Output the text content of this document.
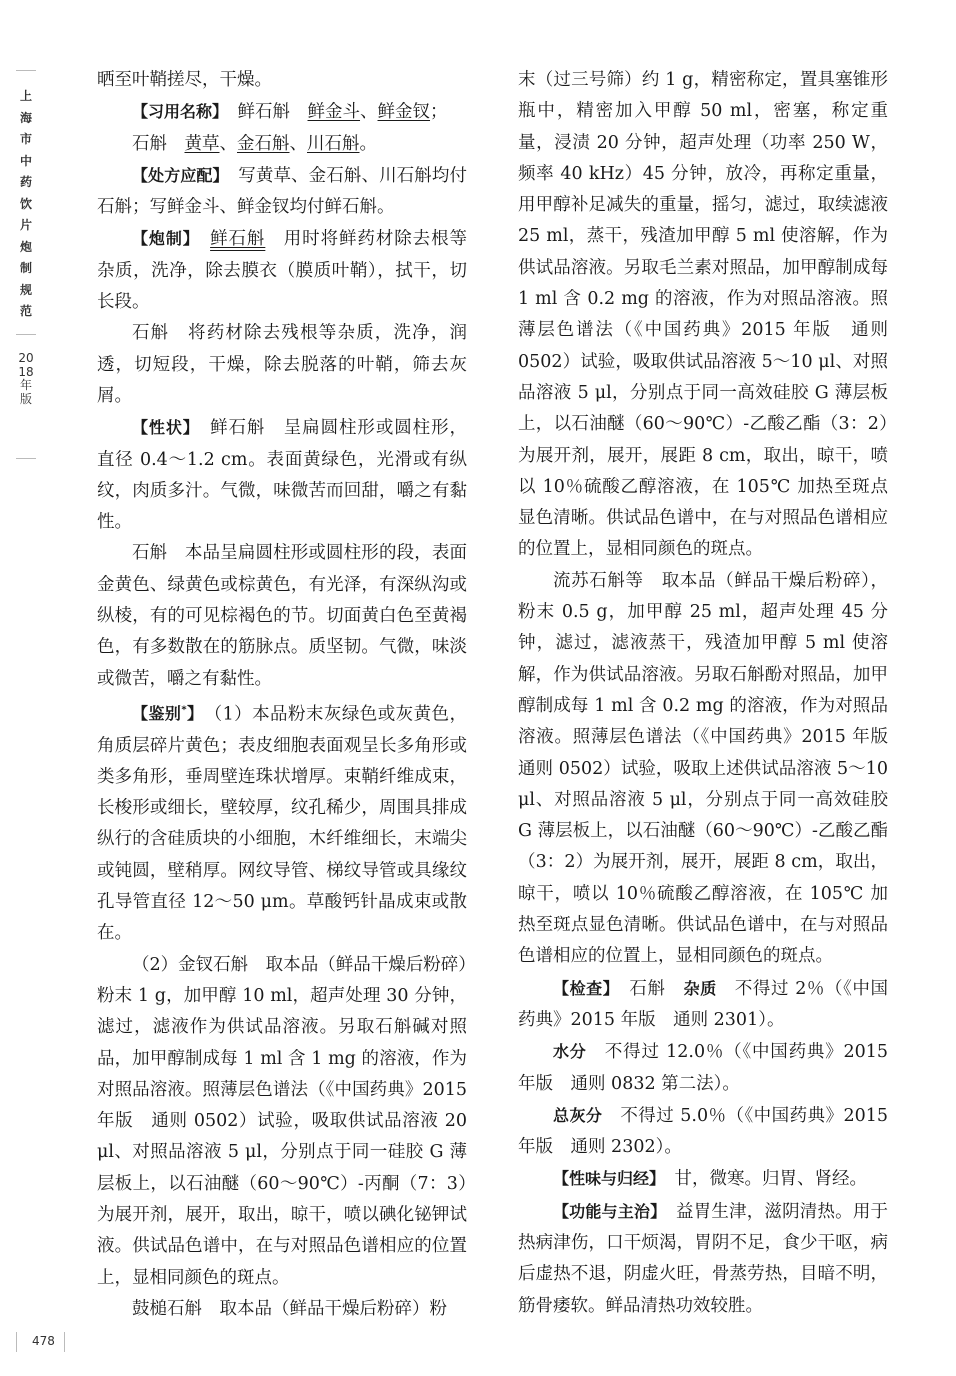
上海市中药饮片炮制规范
2018年版

晒至叶鞘搓尽，干燥。

【习用名称】　鲜石斛　鲜金斗、鲜金钗；

石斛　黄草、金石斛、川石斛。

【处方应配】　写黄草、金石斛、川石斛均付石斛；写鲜金斗、鲜金钗均付鲜石斛。

【炮制】　 鲜石斛　用时将鲜药材除去根等杂质，洗净，除去膜衣（膜质叶鞘），拭干，切长段。

石斛　将药材除去残根等杂质，洗净，润透，切短段，干燥，除去脱落的叶鞘，筛去灰屑。

【性状】　鲜石斛　呈扁圆柱形或圆柱形，直径 0.4～1.2 cm。表面黄绿色，光滑或有纵纹，肉质多汁。气微，味微苦而回甜，嚼之有黏性。

石斛　本品呈扁圆柱形或圆柱形的段，表面金黄色、绿黄色或棕黄色，有光泽，有深纵沟或纵棱，有的可见棕褐色的节。切面黄白色至黄褐色，有多数散在的筋脉点。质坚韧。气微，味淡或微苦，嚼之有黏性。

【鉴别*】　（1）本品粉末灰绿色或灰黄色，角质层碎片黄色；表皮细胞表面观呈长多角形或类多角形，垂周壁连珠状增厚。束鞘纤维成束，长梭形或细长，壁较厚，纹孔稀少，周围具排成纵行的含硅质块的小细胞，木纤维细长，末端尖或钝圆，壁稍厚。网纹导管、梯纹导管或具缘纹孔导管直径 12～50 μm。草酸钙针晶成束或散在。

（2）金钗石斛　取本品（鲜品干燥后粉碎）粉末 1 g，加甲醇 10 ml，超声处理 30 分钟，滤过，滤液作为供试品溶液。另取石斛碱对照品，加甲醇制成每 1 ml 含 1 mg 的溶液，作为对照品溶液。照薄层色谱法（《中国药典》2015 年版　通则 0502）试验，吸取供试品溶液 20 μl、对照品溶液 5 μl，分别点于同一硅胶 G 薄层板上，以石油醚（60～90℃）-丙酮（7：3）为展开剂，展开，取出，晾干，喷以碘化铋钾试液。供试品色谱中，在与对照品色谱相应的位置上，显相同颜色的斑点。

鼓槌石斛　取本品（鲜品干燥后粉碎）粉

末（过三号筛）约 1 g，精密称定，置具塞锥形瓶中，精密加入甲醇 50 ml，密塞，称定重量，浸渍 20 分钟，超声处理（功率 250 W，频率 40 kHz）45 分钟，放冷，再称定重量，用甲醇补足减失的重量，摇匀，滤过，取续滤液 25 ml，蒸干，残渣加甲醇 5 ml 使溶解，作为供试品溶液。另取毛兰素对照品，加甲醇制成每 1 ml 含 0.2 mg 的溶液，作为对照品溶液。照薄层色谱法（《中国药典》2015 年版　通则 0502）试验，吸取供试品溶液 5～10 μl、对照品溶液 5 μl，分别点于同一高效硅胶 G 薄层板上，以石油醚（60～90℃）-乙酸乙酯（3：2）为展开剂，展开，展距 8 cm，取出，晾干，喷以 10％硫酸乙醇溶液，在 105℃ 加热至斑点显色清晰。供试品色谱中，在与对照品色谱相应的位置上，显相同颜色的斑点。

流苏石斛等　取本品（鲜品干燥后粉碎），粉末 0.5 g，加甲醇 25 ml，超声处理 45 分钟，滤过，滤液蒸干，残渣加甲醇 5 ml 使溶解，作为供试品溶液。另取石斛酚对照品，加甲醇制成每 1 ml 含 0.2 mg 的溶液，作为对照品溶液。照薄层色谱法（《中国药典》2015 年版　通则 0502）试验，吸取上述供试品溶液 5～10 μl、对照品溶液 5 μl，分别点于同一高效硅胶 G 薄层板上，以石油醚（60～90℃）-乙酸乙酯（3：2）为展开剂，展开，展距 8 cm，取出，晾干，喷以 10％硫酸乙醇溶液，在 105℃ 加热至斑点显色清晰。供试品色谱中，在与对照品色谱相应的位置上，显相同颜色的斑点。

【检查】　石斛　杂质　不得过 2％（《中国药典》2015 年版　通则 2301）。

水分　不得过 12.0％（《中国药典》2015 年版　通则 0832 第二法）。

总灰分　不得过 5.0％（《中国药典》2015 年版　通则 2302）。

【性味与归经】　甘，微寒。归胃、肾经。

【功能与主治】　益胃生津，滋阴清热。用于热病津伤，口干烦渴，胃阴不足，食少干呕，病后虚热不退，阴虚火旺，骨蒸劳热，目暗不明，筋骨痿软。鲜品清热功效较胜。

478
